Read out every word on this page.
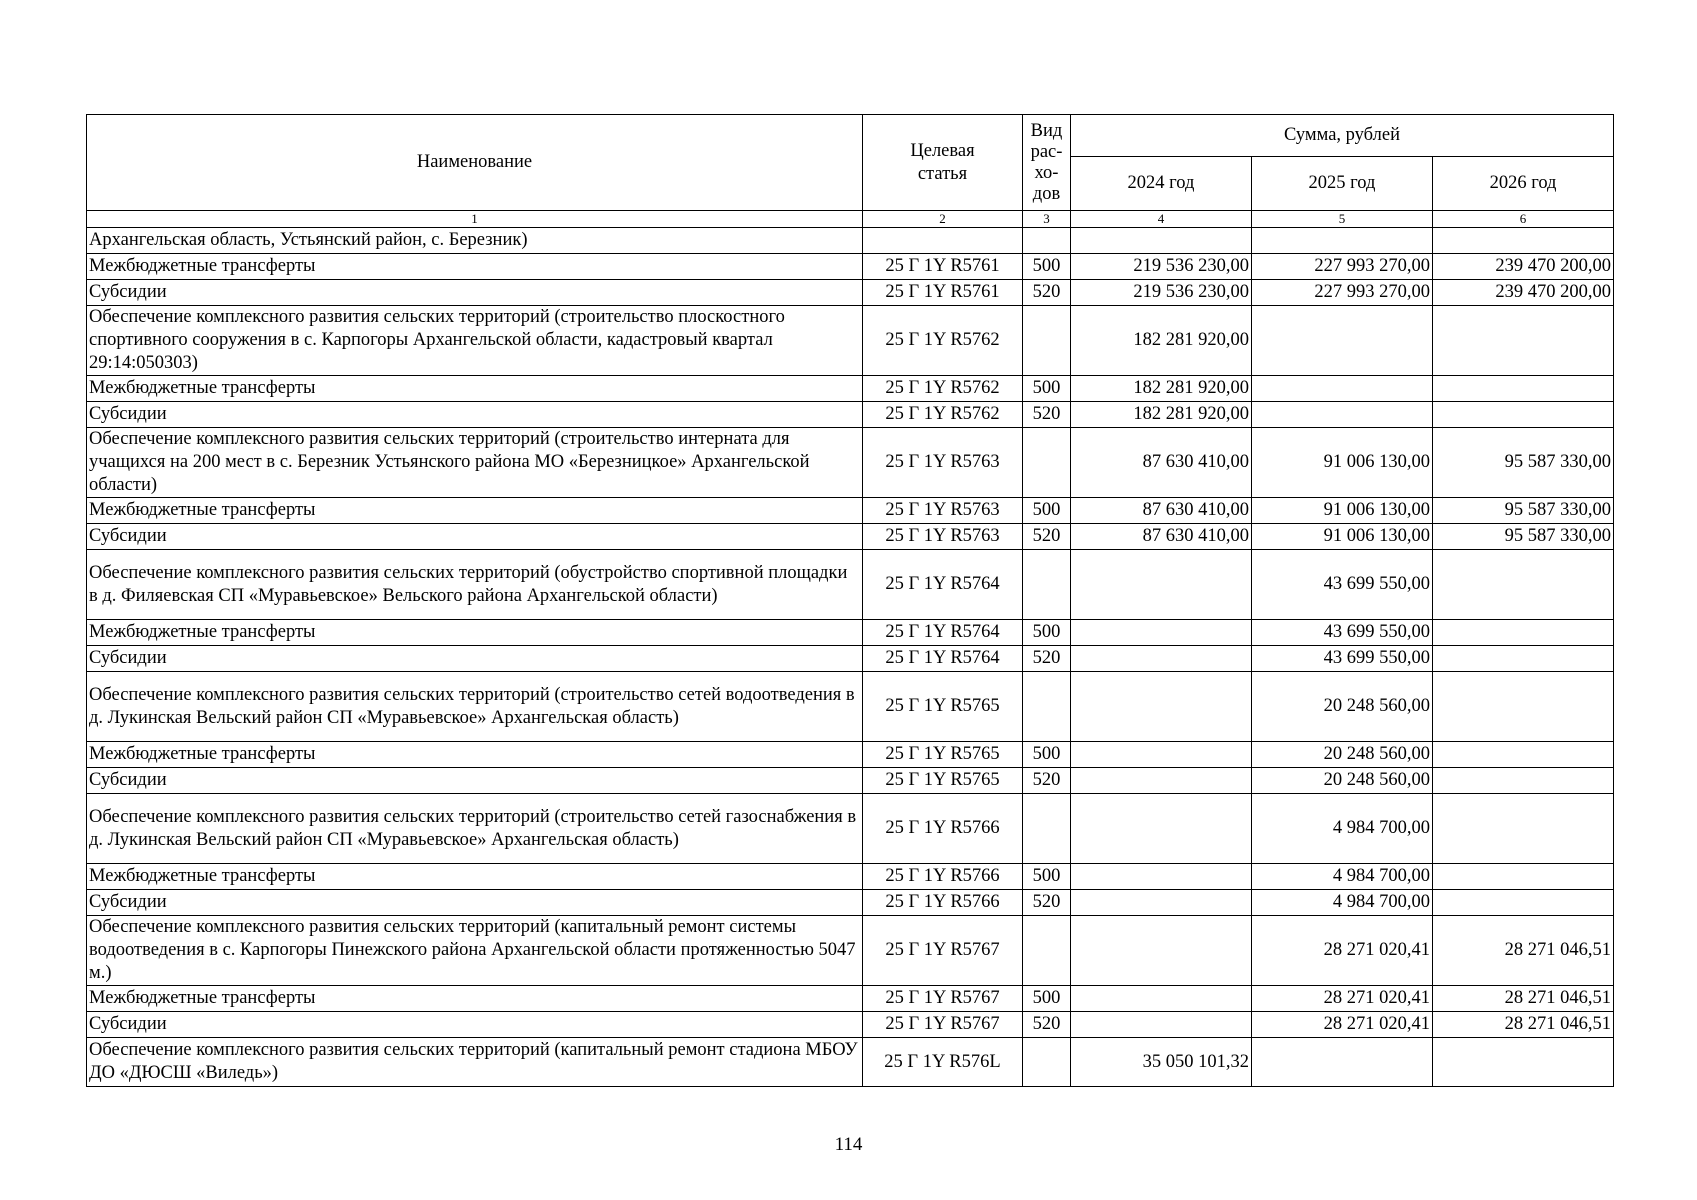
Наименование	Целевая статья	Вид
рас-
хо-
дов	Сумма, рублей		
			2024 год	2025 год	2026 год
1	2	3	4	5	6
Архангельская область, Устьянский район, с. Березник)					
Межбюджетные трансферты	25 Г 1Y R5761	500	219 536 230,00	227 993 270,00	239 470 200,00
Субсидии	25 Г 1Y R5761	520	219 536 230,00	227 993 270,00	239 470 200,00
Обеспечение комплексного развития сельских территорий (строительство плоскостного спортивного сооружения в с. Карпогоры Архангельской области, кадастровый квартал 29:14:050303)	25 Г 1Y R5762		182 281 920,00		
Межбюджетные трансферты	25 Г 1Y R5762	500	182 281 920,00		
Субсидии	25 Г 1Y R5762	520	182 281 920,00		
Обеспечение комплексного развития сельских территорий (строительство интерната для учащихся на 200 мест в с. Березник Устьянского района МО «Березницкое» Архангельской области)	25 Г 1Y R5763		87 630 410,00	91 006 130,00	95 587 330,00
Межбюджетные трансферты	25 Г 1Y R5763	500	87 630 410,00	91 006 130,00	95 587 330,00
Субсидии	25 Г 1Y R5763	520	87 630 410,00	91 006 130,00	95 587 330,00
Обеспечение комплексного развития сельских территорий (обустройство спортивной площадки в д. Филяевская СП «Муравьевское» Вельского района Архангельской области)	25 Г 1Y R5764			43 699 550,00	
Межбюджетные трансферты	25 Г 1Y R5764	500		43 699 550,00	
Субсидии	25 Г 1Y R5764	520		43 699 550,00	
Обеспечение комплексного развития сельских территорий (строительство сетей водоотведения в д. Лукинская Вельский район СП «Муравьевское» Архангельская область)	25 Г 1Y R5765			20 248 560,00	
Межбюджетные трансферты	25 Г 1Y R5765	500		20 248 560,00	
Субсидии	25 Г 1Y R5765	520		20 248 560,00	
Обеспечение комплексного развития сельских территорий (строительство сетей газоснабжения в д. Лукинская Вельский район СП «Муравьевское» Архангельская область)	25 Г 1Y R5766			4 984 700,00	
Межбюджетные трансферты	25 Г 1Y R5766	500		4 984 700,00	
Субсидии	25 Г 1Y R5766	520		4 984 700,00	
Обеспечение комплексного развития сельских территорий (капитальный ремонт системы водоотведения в с. Карпогоры Пинежского района Архангельской области протяженностью 5047 м.)	25 Г 1Y R5767			28 271 020,41	28 271 046,51
Межбюджетные трансферты	25 Г 1Y R5767	500		28 271 020,41	28 271 046,51
Субсидии	25 Г 1Y R5767	520		28 271 020,41	28 271 046,51
Обеспечение комплексного развития сельских территорий (капитальный ремонт стадиона МБОУ ДО «ДЮСШ «Виледь»)	25 Г 1Y R576L		35 050 101,32		
114
